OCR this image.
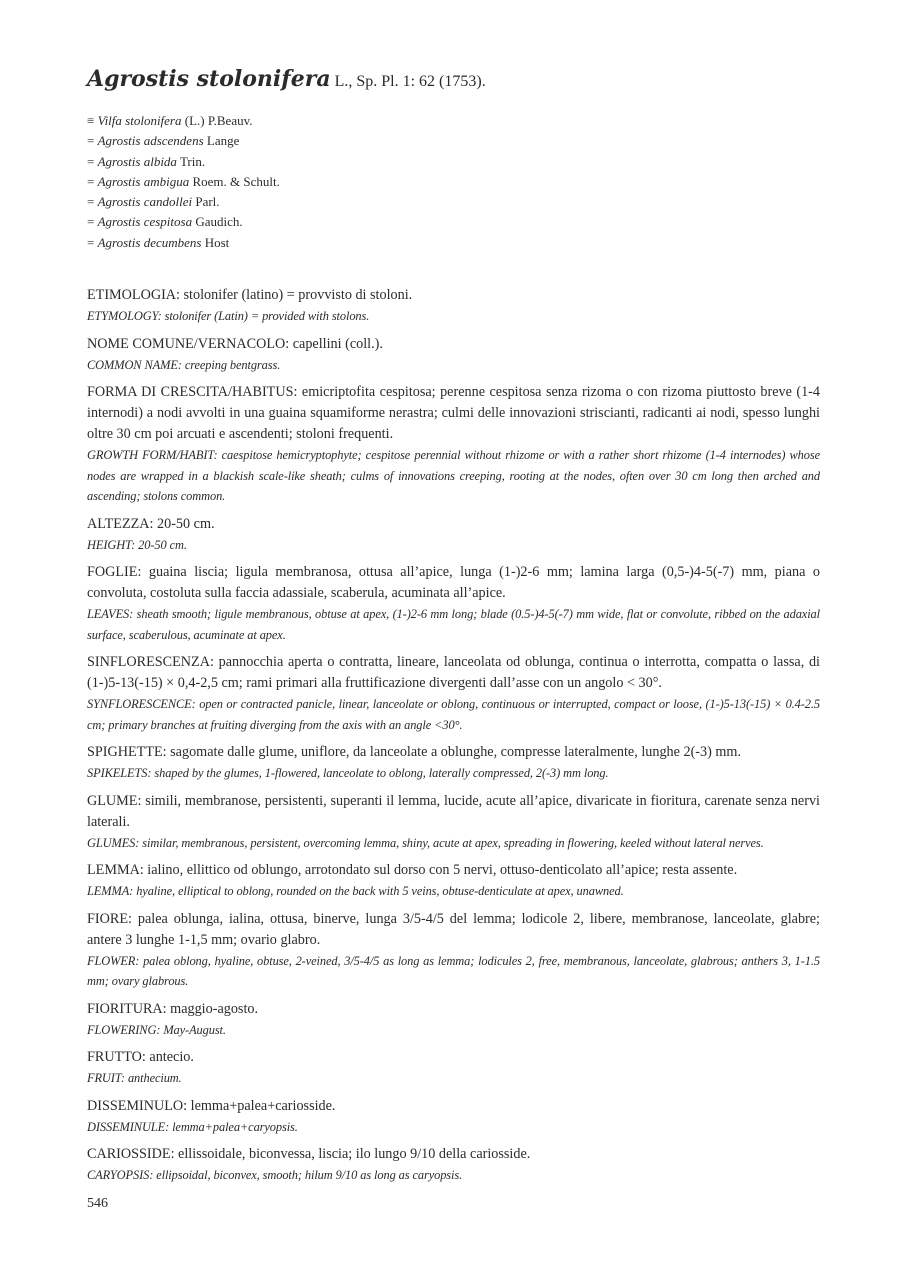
Agrostis stolonifera L., Sp. Pl. 1: 62 (1753).
≡ Vilfa stolonifera (L.) P.Beauv.
= Agrostis adscendens Lange
= Agrostis albida Trin.
= Agrostis ambigua Roem. & Schult.
= Agrostis candollei Parl.
= Agrostis cespitosa Gaudich.
= Agrostis decumbens Host

ETIMOLOGIA: stolonifer (latino) = provvisto di stoloni.

ETYMOLOGY: stolonifer (Latin) = provided with stolons.

NOME COMUNE/VERNACOLO: capellini (coll.).

COMMON NAME: creeping bentgrass.

FORMA DI CRESCITA/HABITUS: emicriptofita cespitosa; perenne cespitosa senza rizoma o con rizoma piuttosto breve (1-4 internodi) a nodi avvolti in una guaina squamiforme nerastra; culmi delle innovazioni striscianti, radicanti ai nodi, spesso lunghi oltre 30 cm poi arcuati e ascendenti; stoloni frequenti.

GROWTH FORM/HABIT: caespitose hemicryptophyte; cespitose perennial without rhizome or with a rather short rhizome (1-4 internodes) whose nodes are wrapped in a blackish scale-like sheath; culms of innovations creeping, rooting at the nodes, often over 30 cm long then arched and ascending; stolons common.

ALTEZZA: 20-50 cm.

HEIGHT: 20-50 cm.

FOGLIE: guaina liscia; ligula membranosa, ottusa all’apice, lunga (1-)2-6 mm; lamina larga (0,5-)4-5(-7) mm, piana o convoluta, costoluta sulla faccia adassiale, scaberula, acuminata all’apice.

LEAVES: sheath smooth; ligule membranous, obtuse at apex, (1-)2-6 mm long; blade (0.5-)4-5(-7) mm wide, flat or convolute, ribbed on the adaxial surface, scaberulous, acuminate at apex.

SINFLORESCENZA: pannocchia aperta o contratta, lineare, lanceolata od oblunga, continua o interrotta, compatta o lassa, di (1-)5-13(-15) × 0,4-2,5 cm; rami primari alla fruttificazione divergenti dall’asse con un angolo < 30°.

SYNFLORESCENCE: open or contracted panicle, linear, lanceolate or oblong, continuous or interrupted, compact or loose, (1-)5-13(-15) × 0.4-2.5 cm; primary branches at fruiting diverging from the axis with an angle <30°.

SPIGHETTE: sagomate dalle glume, uniflore, da lanceolate a oblunghe, compresse lateralmente, lunghe 2(-3) mm.

SPIKELETS: shaped by the glumes, 1-flowered, lanceolate to oblong, laterally compressed, 2(-3) mm long.

GLUME: simili, membranose, persistenti, superanti il lemma, lucide, acute all’apice, divaricate in fioritura, carenate senza nervi laterali.

GLUMES: similar, membranous, persistent, overcoming lemma, shiny, acute at apex, spreading in flowering, keeled without lateral nerves.

LEMMA: ialino, ellittico od oblungo, arrotondato sul dorso con 5 nervi, ottuso-denticolato all’apice; resta assente.

LEMMA: hyaline, elliptical to oblong, rounded on the back with 5 veins, obtuse-denticulate at apex, unawned.

FIORE: palea oblunga, ialina, ottusa, binerve, lunga 3/5-4/5 del lemma; lodicole 2, libere, membranose, lanceolate, glabre; antere 3 lunghe 1-1,5 mm; ovario glabro.

FLOWER: palea oblong, hyaline, obtuse, 2-veined, 3/5-4/5 as long as lemma; lodicules 2, free, membranous, lanceolate, glabrous; anthers 3, 1-1.5 mm; ovary glabrous.

FIORITURA: maggio-agosto.

FLOWERING: May-August.

FRUTTO: antecio.

FRUIT: anthecium.

DISSEMINULO: lemma+palea+cariosside.

DISSEMINULE: lemma+palea+caryopsis.

CARIOSSIDE: ellissoidale, biconvessa, liscia; ilo lungo 9/10 della cariosside.

CARYOPSIS: ellipsoidal, biconvex, smooth; hilum 9/10 as long as caryopsis.

546
